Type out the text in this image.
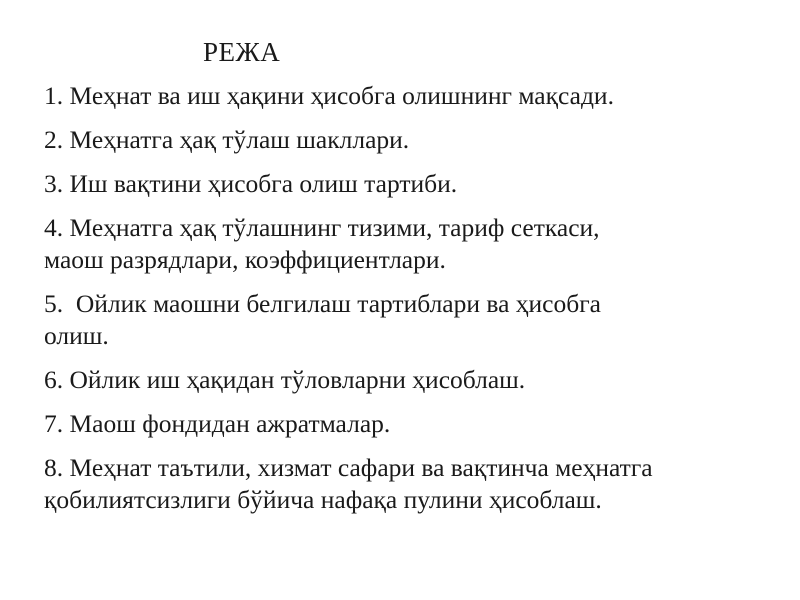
РЕЖА
1. Меҳнат ва иш ҳақини ҳисобга олишнинг мақсади.
2. Меҳнатга ҳақ тўлаш шакллари.
3. Иш вақтини ҳисобга олиш тартиби.
4. Меҳнатга ҳақ тўлашнинг тизими, тариф сеткаси,
маош разрядлари, коэффициентлари.
5.  Ойлик маошни белгилаш тартиблари ва ҳисобга
олиш.
6. Ойлик иш ҳақидан тўловларни ҳисоблаш.
7. Маош фондидан ажратмалар.
8. Меҳнат таътили, хизмат сафари ва вақтинча меҳнатга
қобилиятсизлиги бўйича нафақа пулини ҳисоблаш.
